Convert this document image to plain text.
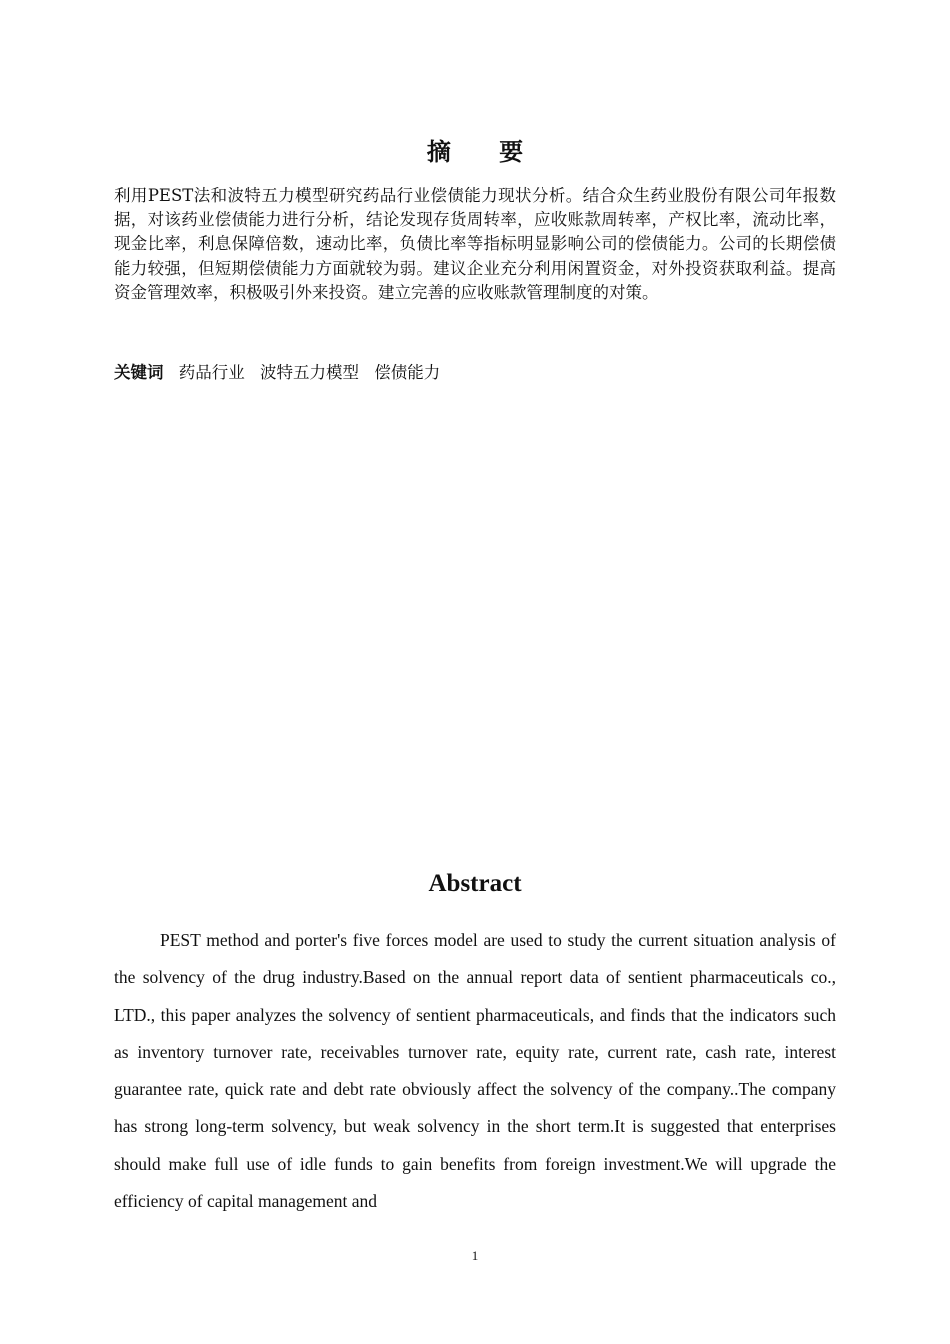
摘 要

利用PEST法和波特五力模型研究药品行业偿债能力现状分析。结合众生药业股份有限公司年报数据，对该药业偿债能力进行分析，结论发现存货周转率，应收账款周转率，产权比率，流动比率，现金比率，利息保障倍数，速动比率，负债比率等指标明显影响公司的偿债能力。公司的长期偿债能力较强，但短期偿债能力方面就较为弱。建议企业充分利用闲置资金，对外投资获取利益。提高资金管理效率，积极吸引外来投资。建立完善的应收账款管理制度的对策。

关键词 药品行业 波特五力模型 偿债能力
Abstract

PEST method and porter's five forces model are used to study the current situation analysis of the solvency of the drug industry.Based on the annual report data of sentient pharmaceuticals co., LTD., this paper analyzes the solvency of sentient pharmaceuticals, and finds that the indicators such as inventory turnover rate, receivables turnover rate, equity rate, current rate, cash rate, interest guarantee rate, quick rate and debt rate obviously affect the solvency of the company..The company has strong long-term solvency, but weak solvency in the short term.It is suggested that enterprises should make full use of idle funds to gain benefits from foreign investment.We will upgrade the efficiency of capital management and

1
